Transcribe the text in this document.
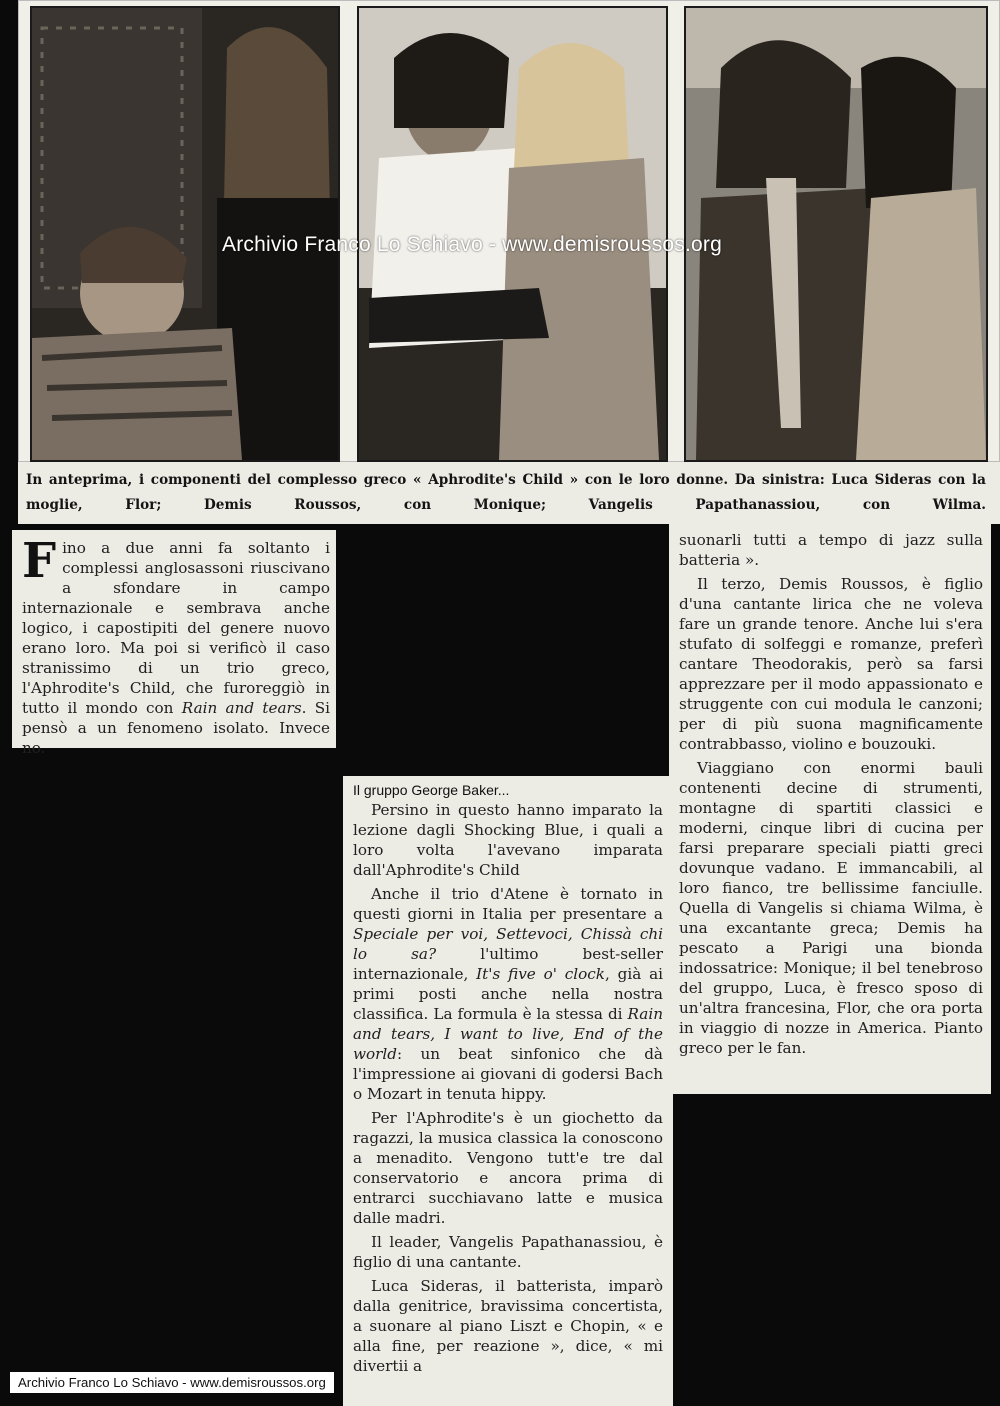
Archivio Franco Lo Schiavo - www.demisroussos.org
In anteprima, i componenti del complesso greco « Aphrodite's Child » con le loro donne. Da sinistra: Luca Sideras con la moglie, Flor; Demis Roussos, con Monique; Vangelis Papathanassiou, con Wilma.
Fino a due anni fa soltanto i complessi anglosassoni riuscivano a sfondare in campo internazionale e sembrava anche logico, i capostipiti del genere nuovo erano loro. Ma poi si verificò il caso stranissimo di un trio greco, l'Aphrodite's Child, che furoreggiò in tutto il mondo con Rain and tears. Si pensò a un fenomeno isolato. Invece no.
Il gruppo George Baker...

Persino in questo hanno imparato la lezione dagli Shocking Blue, i quali a loro volta l'avevano imparata dall'Aphrodite's Child

Anche il trio d'Atene è tornato in questi giorni in Italia per presentare a Speciale per voi, Settevoci, Chissà chi lo sa? l'ultimo best-seller internazionale, It's five o' clock, già ai primi posti anche nella nostra classifica. La formula è la stessa di Rain and tears, I want to live, End of the world: un beat sinfonico che dà l'impressione ai giovani di godersi Bach o Mozart in tenuta hippy.

Per l'Aphrodite's è un giochetto da ragazzi, la musica classica la conoscono a menadito. Vengono tutt'e tre dal conservatorio e ancora prima di entrarci succhiavano latte e musica dalle madri.

Il leader, Vangelis Papathanassiou, è figlio di una cantante.

Luca Sideras, il batterista, imparò dalla genitrice, bravissima concertista, a suonare al piano Liszt e Chopin, « e alla fine, per reazione », dice, « mi divertii a

suonarli tutti a tempo di jazz sulla batteria ».

Il terzo, Demis Roussos, è figlio d'una cantante lirica che ne voleva fare un grande tenore. Anche lui s'era stufato di solfeggi e romanze, preferì cantare Theodorakis, però sa farsi apprezzare per il modo appassionato e struggente con cui modula le canzoni; per di più suona magnificamente contrabbasso, violino e bouzouki.

Viaggiano con enormi bauli contenenti decine di strumenti, montagne di spartiti classici e moderni, cinque libri di cucina per farsi preparare speciali piatti greci dovunque vadano. E immancabili, al loro fianco, tre bellissime fanciulle. Quella di Vangelis si chiama Wilma, è una excantante greca; Demis ha pescato a Parigi una bionda indossatrice: Monique; il bel tenebroso del gruppo, Luca, è fresco sposo di un'altra francesina, Flor, che ora porta in viaggio di nozze in America. Pianto greco per le fan.

Archivio Franco Lo Schiavo - www.demisroussos.org
